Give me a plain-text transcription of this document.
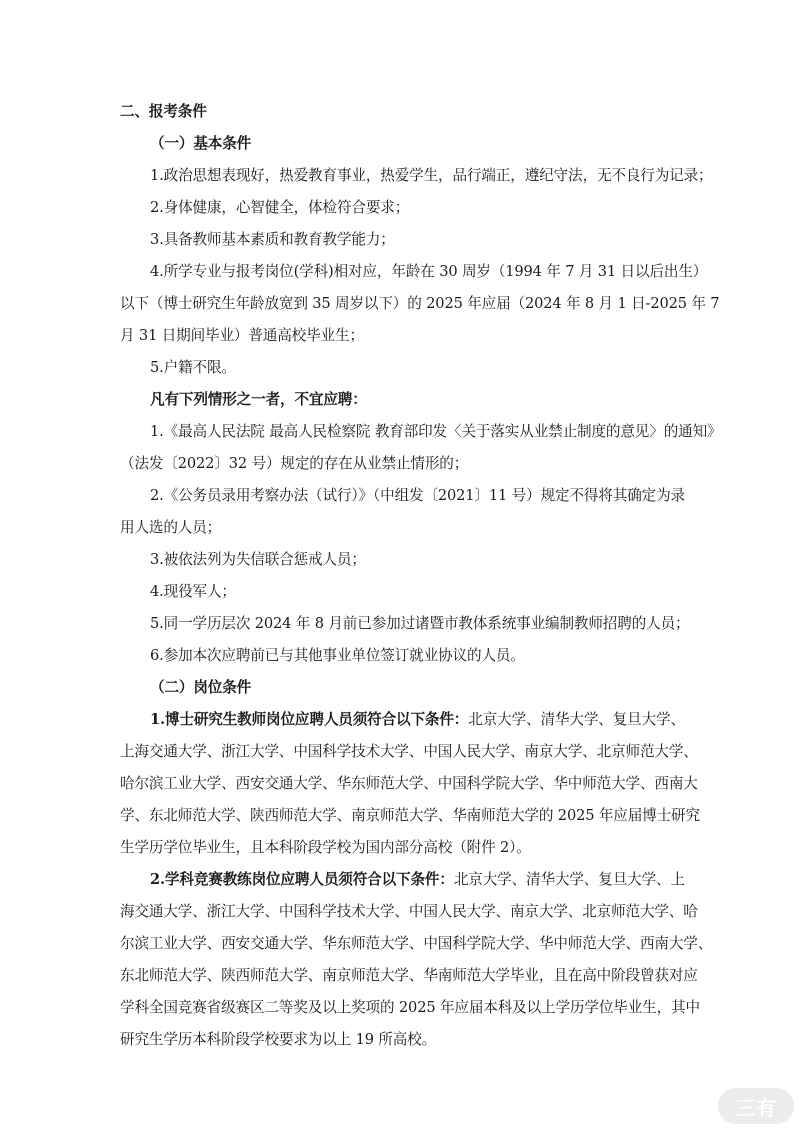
二、报考条件
（一）基本条件
1.政治思想表现好，热爱教育事业，热爱学生，品行端正，遵纪守法，无不良行为记录；
2.身体健康，心智健全，体检符合要求；
3.具备教师基本素质和教育教学能力；
4.所学专业与报考岗位(学科)相对应，年龄在 30 周岁（1994 年 7 月 31 日以后出生）
以下（博士研究生年龄放宽到 35 周岁以下）的 2025 年应届（2024 年 8 月 1 日-2025 年 7
月 31 日期间毕业）普通高校毕业生；
5.户籍不限。
凡有下列情形之一者，不宜应聘：
1.《最高人民法院 最高人民检察院 教育部印发〈关于落实从业禁止制度的意见〉的通知》
（法发〔2022〕32 号）规定的存在从业禁止情形的；
2.《公务员录用考察办法（试行）》（中组发〔2021〕11 号）规定不得将其确定为录
用人选的人员；
3.被依法列为失信联合惩戒人员；
4.现役军人；
5.同一学历层次 2024 年 8 月前已参加过诸暨市教体系统事业编制教师招聘的人员；
6.参加本次应聘前已与其他事业单位签订就业协议的人员。
（二）岗位条件
1.博士研究生教师岗位应聘人员须符合以下条件：北京大学、清华大学、复旦大学、
上海交通大学、浙江大学、中国科学技术大学、中国人民大学、南京大学、北京师范大学、
哈尔滨工业大学、西安交通大学、华东师范大学、中国科学院大学、华中师范大学、西南大
学、东北师范大学、陕西师范大学、南京师范大学、华南师范大学的 2025 年应届博士研究
生学历学位毕业生，且本科阶段学校为国内部分高校（附件 2）。
2.学科竞赛教练岗位应聘人员须符合以下条件：北京大学、清华大学、复旦大学、上
海交通大学、浙江大学、中国科学技术大学、中国人民大学、南京大学、北京师范大学、哈
尔滨工业大学、西安交通大学、华东师范大学、中国科学院大学、华中师范大学、西南大学、
东北师范大学、陕西师范大学、南京师范大学、华南师范大学毕业，且在高中阶段曾获对应
学科全国竞赛省级赛区二等奖及以上奖项的 2025 年应届本科及以上学历学位毕业生，其中
研究生学历本科阶段学校要求为以上 19 所高校。
三有
